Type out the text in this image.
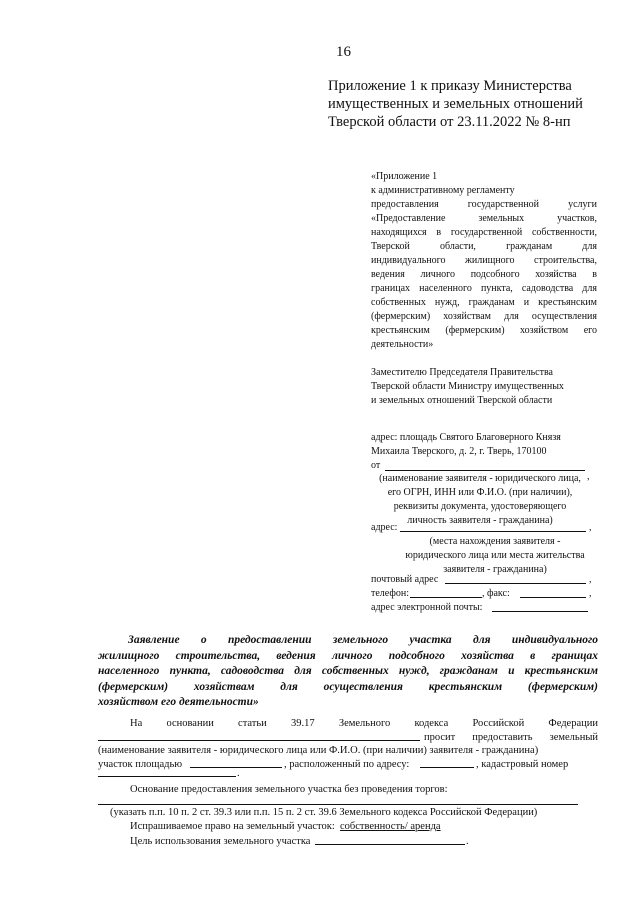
16
Приложение 1 к приказу Министерства
имущественных и земельных отношений
Тверской области от 23.11.2022 № 8-нп
«Приложение 1
к административному регламенту
предоставления государственной услуги
«Предоставление земельных участков,
находящихся в государственной собственности,
Тверской области, гражданам для
индивидуального жилищного строительства,
ведения личного подсобного хозяйства в
границах населенного пункта, садоводства для
собственных нужд, гражданам и крестьянским
(фермерским) хозяйствам для осуществления
крестьянским (фермерским) хозяйством его
деятельности»
Заместителю Председателя Правительства
Тверской области Министру имущественных
и земельных отношений Тверской области
адрес: площадь Святого Благоверного Князя
Михаила Тверского, д. 2, г. Тверь, 170100
от
,
(наименование заявителя - юридического лица,
его ОГРН, ИНН или Ф.И.О. (при наличии),
реквизиты документа, удостоверяющего
личность заявителя - гражданина)
адрес:	,
(места нахождения заявителя -
юридического лица или места жительства
заявителя - гражданина)
почтовый адрес	,
телефон:	, факс:	,
адрес электронной почты:
Заявление о предоставлении земельного участка для индивидуального
жилищного строительства, ведения личного подсобного хозяйства в границах
населенного пункта, садоводства для собственных нужд, гражданам и крестьянским
(фермерским) хозяйствам для осуществления крестьянским (фермерским)
хозяйством его деятельности»
На основании статьи 39.17 Земельного кодекса Российской Федерации
просит предоставить земельный
(наименование заявителя - юридического лица или Ф.И.О. (при наличии) заявителя - гражданина)
участок площадью	, расположенный по адресу:	, кадастровый номер
.
Основание предоставления земельного участка без проведения торгов:
(указать п.п. 10 п. 2 ст. 39.3 или п.п. 15 п. 2 ст. 39.6 Земельного кодекса Российской Федерации)
Испрашиваемое право на земельный участок: собственность/ аренда
Цель использования земельного участка	.
